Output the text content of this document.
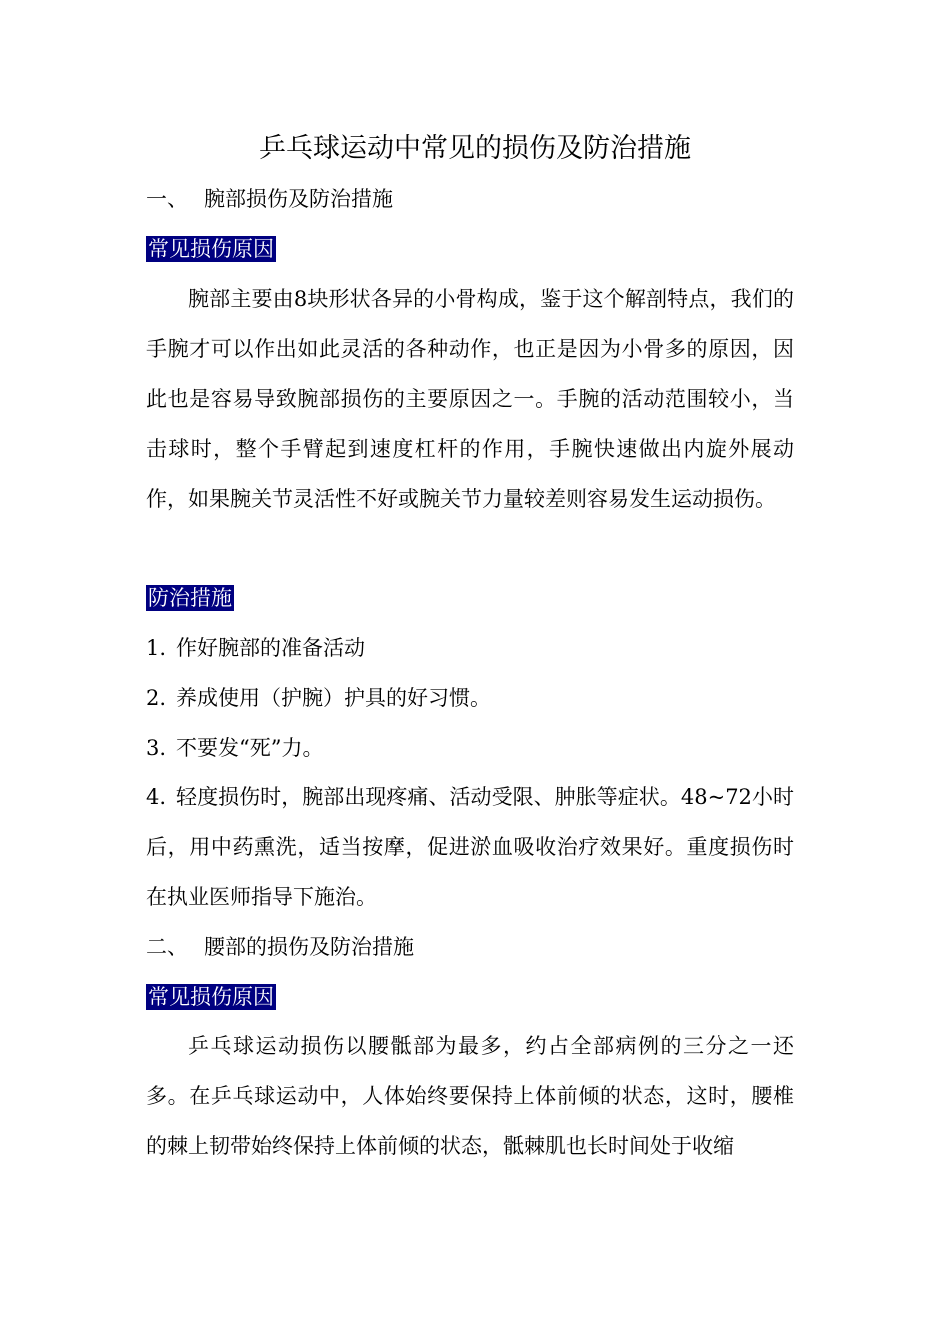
乒乓球运动中常见的损伤及防治措施
一、 腕部损伤及防治措施
常见损伤原因

腕部主要由8块形状各异的小骨构成，鉴于这个解剖特点，我们的手腕才可以作出如此灵活的各种动作，也正是因为小骨多的原因，因此也是容易导致腕部损伤的主要原因之一。手腕的活动范围较小，当击球时，整个手臂起到速度杠杆的作用，手腕快速做出内旋外展动作，如果腕关节灵活性不好或腕关节力量较差则容易发生运动损伤。

防治措施
1. 作好腕部的准备活动
2. 养成使用（护腕）护具的好习惯。
3. 不要发“死”力。

4. 轻度损伤时，腕部出现疼痛、活动受限、肿胀等症状。48~72小时后，用中药熏洗，适当按摩，促进淤血吸收治疗效果好。重度损伤时在执业医师指导下施治。

二、 腰部的损伤及防治措施
常见损伤原因

乒乓球运动损伤以腰骶部为最多，约占全部病例的三分之一还多。在乒乓球运动中，人体始终要保持上体前倾的状态，这时，腰椎的棘上韧带始终保持上体前倾的状态，骶棘肌也长时间处于收缩
